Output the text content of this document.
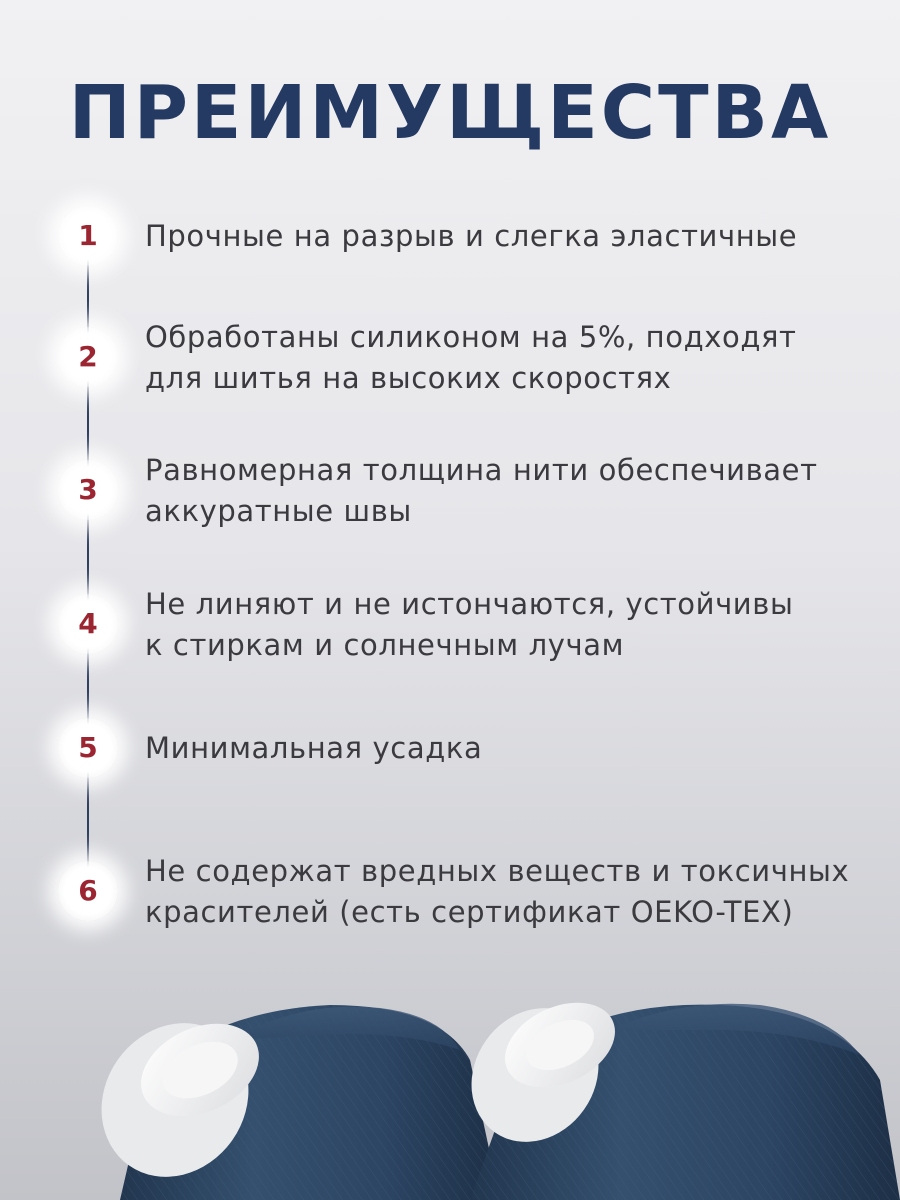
ПРЕИМУЩЕСТВА
1 Прочные на разрыв и слегка эластичные

2

Обработаны силиконом на 5%, подходят
для шитья на высоких скоростях

3

Равномерная толщина нити обеспечивает
аккуратные швы

4

Не линяют и не истончаются, устойчивы
к стиркам и солнечным лучам

5 Минимальная усадка

6

Не содержат вредных веществ и токсичных
красителей (есть сертификат OEKO-TEX)
